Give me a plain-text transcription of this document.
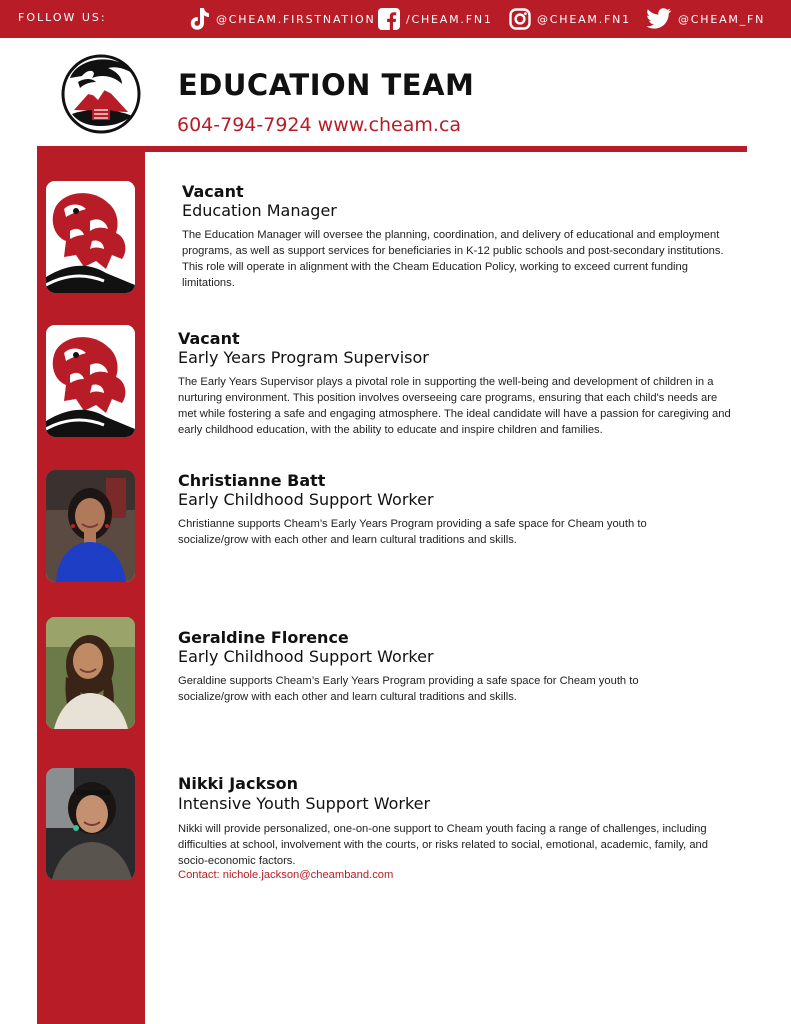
FOLLOW US:	@CHEAM.FIRSTNATION	/CHEAM.FN1	@CHEAM.FN1	@CHEAM_FN
EDUCATION TEAM
604-794-7924 www.cheam.ca
Vacant
Education Manager

The Education Manager will oversee the planning, coordination, and delivery of educational and employment programs, as well as support services for beneficiaries in K-12 public schools and post-secondary institutions. This role will operate in alignment with the Cheam Education Policy, working to exceed current funding limitations.

Vacant
Early Years Program Supervisor

The Early Years Supervisor plays a pivotal role in supporting the well-being and development of children in a nurturing environment. This position involves overseeing care programs, ensuring that each child's needs are met while fostering a safe and engaging atmosphere. The ideal candidate will have a passion for caregiving and early childhood education, with the ability to educate and inspire children and families.

Christianne Batt
Early Childhood Support Worker

Christianne supports Cheam’s Early Years Program providing a safe space for Cheam youth to socialize/grow with each other and learn cultural traditions and skills.

Geraldine Florence
Early Childhood Support Worker

Geraldine supports Cheam’s Early Years Program providing a safe space for Cheam youth to socialize/grow with each other and learn cultural traditions and skills.

Nikki Jackson
Intensive Youth Support Worker

Nikki will provide personalized, one-on-one support to Cheam youth facing a range of challenges, including difficulties at school, involvement with the courts, or risks related to social, emotional, academic, family, and socio-economic factors.

Contact: nichole.jackson@cheamband.com
